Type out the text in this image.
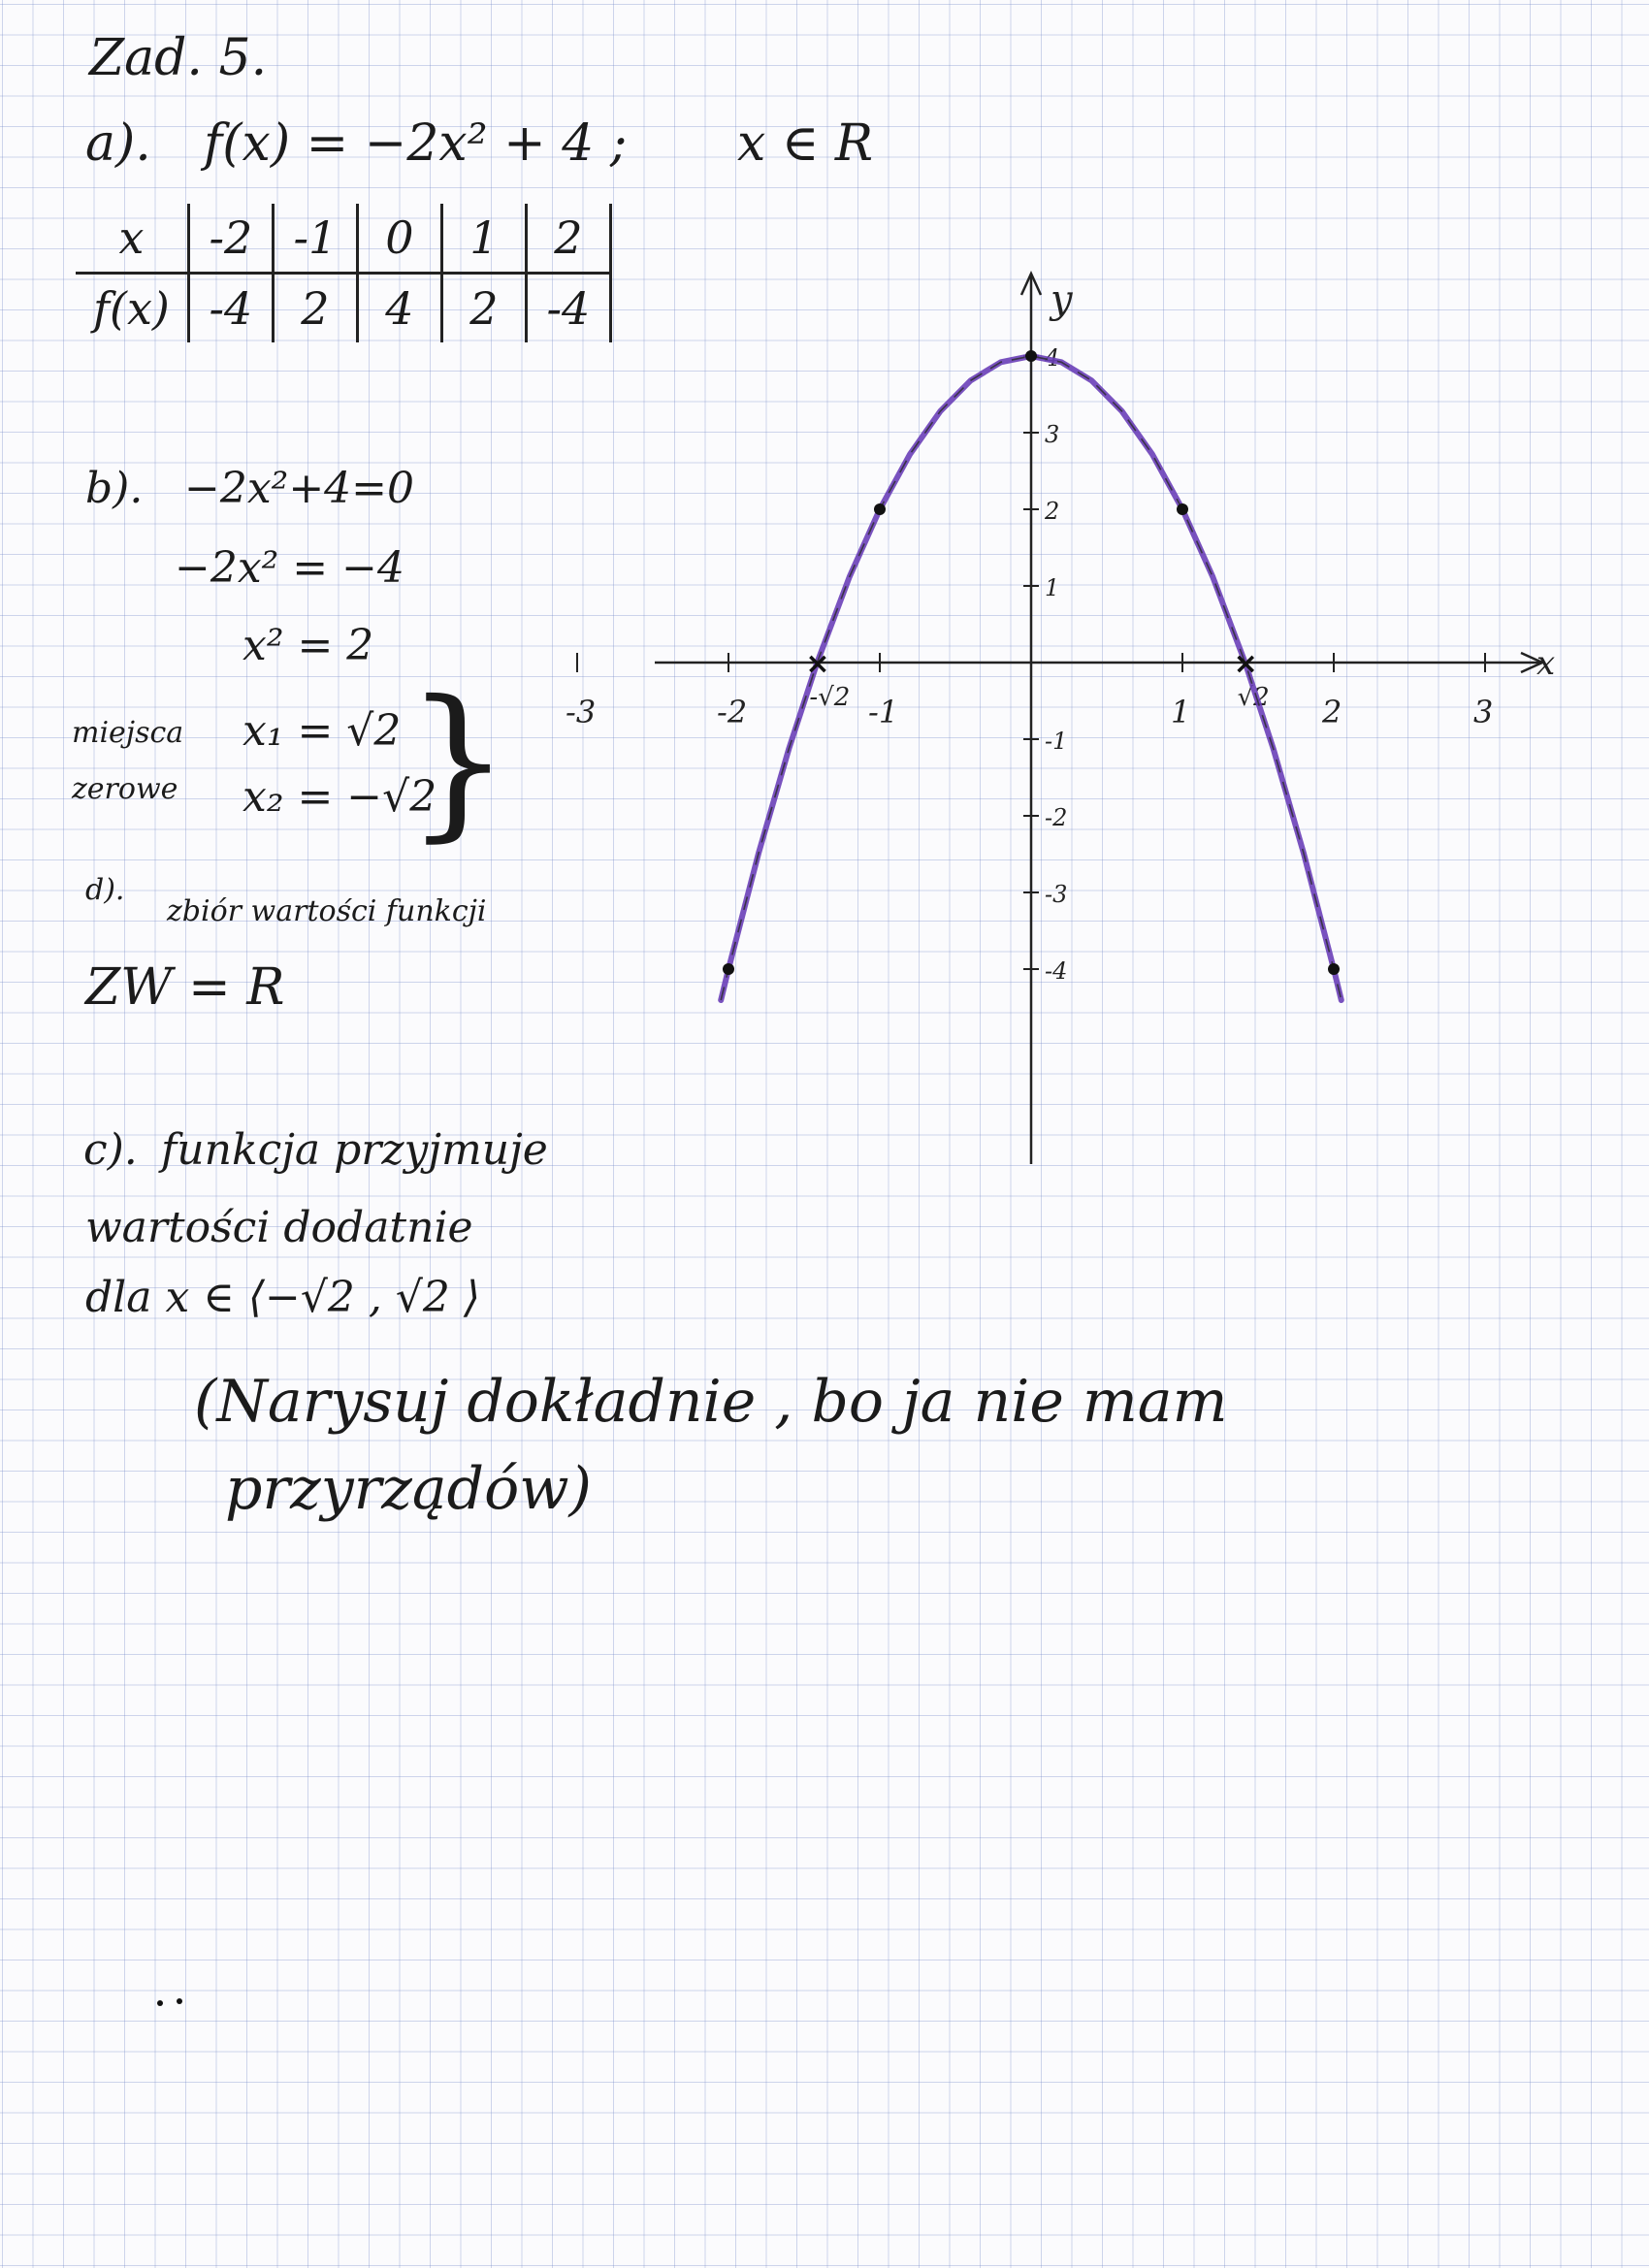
Zad. 5.
a). f(x) = −2x² + 4 ; x ∈ R
x	-2	-1	0	1	2
f(x)	-4	2	4	2	-4
b). −2x²+4=0
−2x² = −4
x² = 2
miejsca
zerowe
x₁ = √2
x₂ = −√2
}
d).
zbiór wartości funkcji
ZW = R
c). funkcja przyjmuje
wartości dodatnie
dla x ∈ ⟨−√2 , √2 ⟩
(Narysuj dokładnie , bo ja nie mam
przyrządów)
x
y
-3	-2	-1	1	2	3
4
3
2
1
-1
-2
-3
-4
-√2	√2
×	×
